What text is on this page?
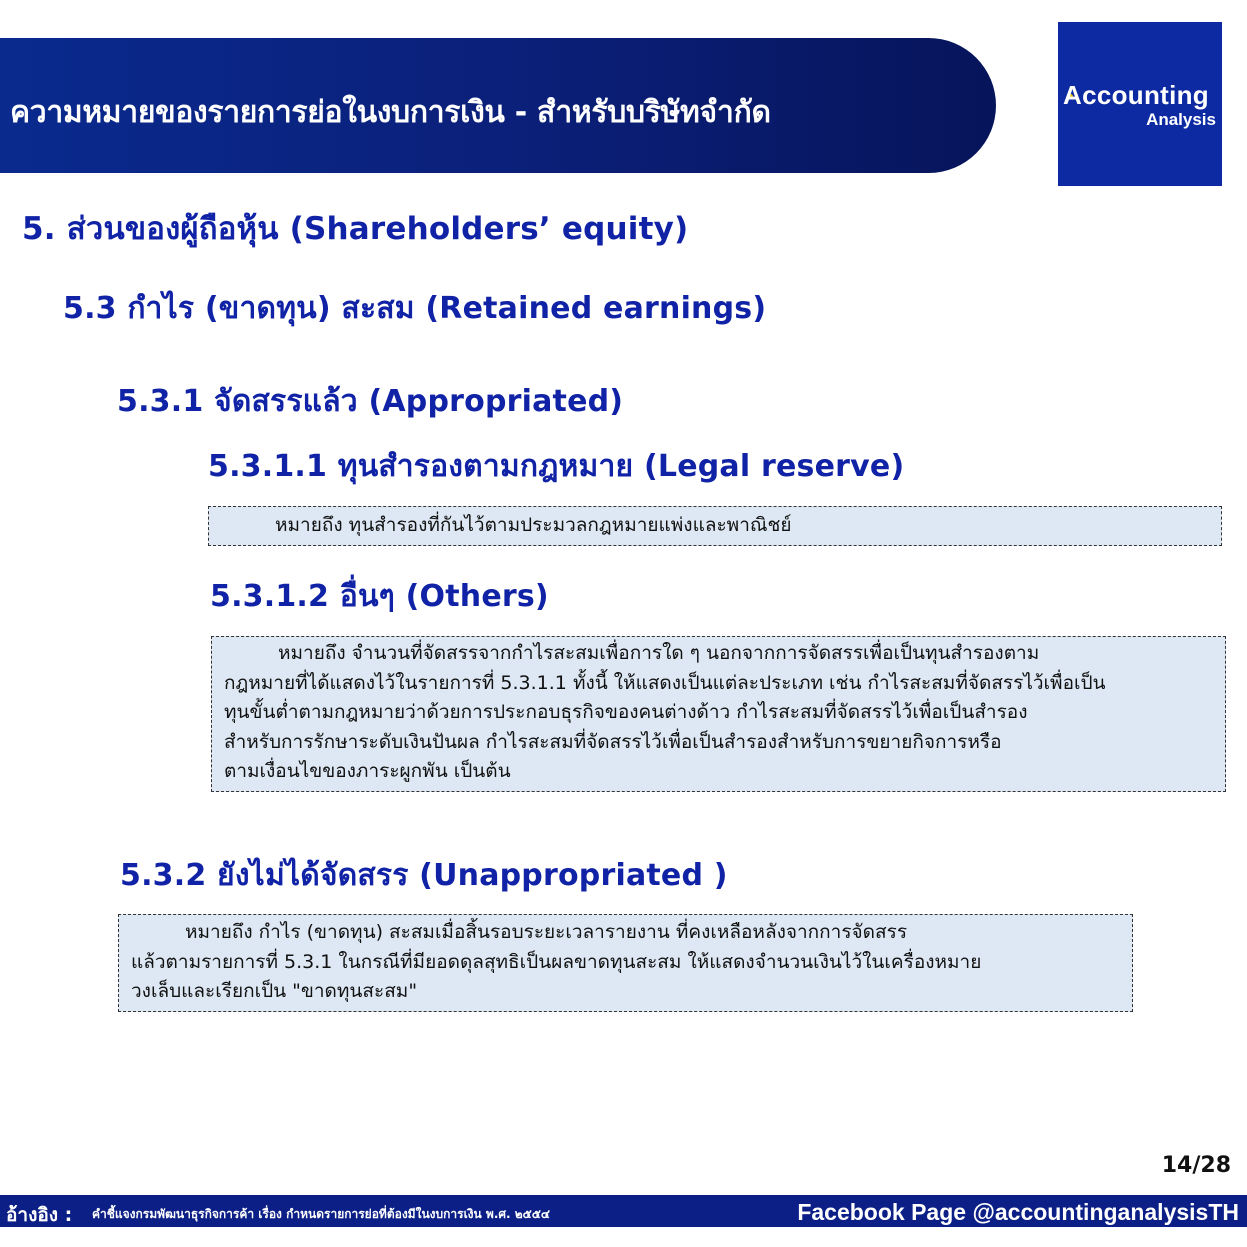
ความหมายของรายการย่อในงบการเงิน - สำหรับบริษัทจำกัด	Accounting
Analysis
5. ส่วนของผู้ถือหุ้น (Shareholders’ equity)
5.3 กำไร (ขาดทุน) สะสม (Retained earnings)
5.3.1 จัดสรรแล้ว (Appropriated)
5.3.1.1 ทุนสำรองตามกฎหมาย (Legal reserve)
หมายถึง ทุนสำรองที่กันไว้ตามประมวลกฎหมายแพ่งและพาณิชย์
5.3.1.2 อื่นๆ (Others)
หมายถึง จำนวนที่จัดสรรจากกำไรสะสมเพื่อการใด ๆ นอกจากการจัดสรรเพื่อเป็นทุนสำรองตาม
กฎหมายที่ได้แสดงไว้ในรายการที่ 5.3.1.1 ทั้งนี้ ให้แสดงเป็นแต่ละประเภท เช่น กำไรสะสมที่จัดสรรไว้เพื่อเป็น
ทุนขั้นต่ำตามกฎหมายว่าด้วยการประกอบธุรกิจของคนต่างด้าว กำไรสะสมที่จัดสรรไว้เพื่อเป็นสำรอง
สำหรับการรักษาระดับเงินปันผล กำไรสะสมที่จัดสรรไว้เพื่อเป็นสำรองสำหรับการขยายกิจการหรือ
ตามเงื่อนไขของภาระผูกพัน เป็นต้น
5.3.2 ยังไม่ได้จัดสรร (Unappropriated )
หมายถึง กำไร (ขาดทุน) สะสมเมื่อสิ้นรอบระยะเวลารายงาน ที่คงเหลือหลังจากการจัดสรร
แล้วตามรายการที่ 5.3.1 ในกรณีที่มียอดดุลสุทธิเป็นผลขาดทุนสะสม ให้แสดงจำนวนเงินไว้ในเครื่องหมาย
วงเล็บและเรียกเป็น "ขาดทุนสะสม"
14/28
อ้างอิง : คำชี้แจงกรมพัฒนาธุรกิจการค้า เรื่อง กำหนดรายการย่อที่ต้องมีในงบการเงิน พ.ศ. ๒๕๕๔	Facebook Page @accountinganalysisTH
